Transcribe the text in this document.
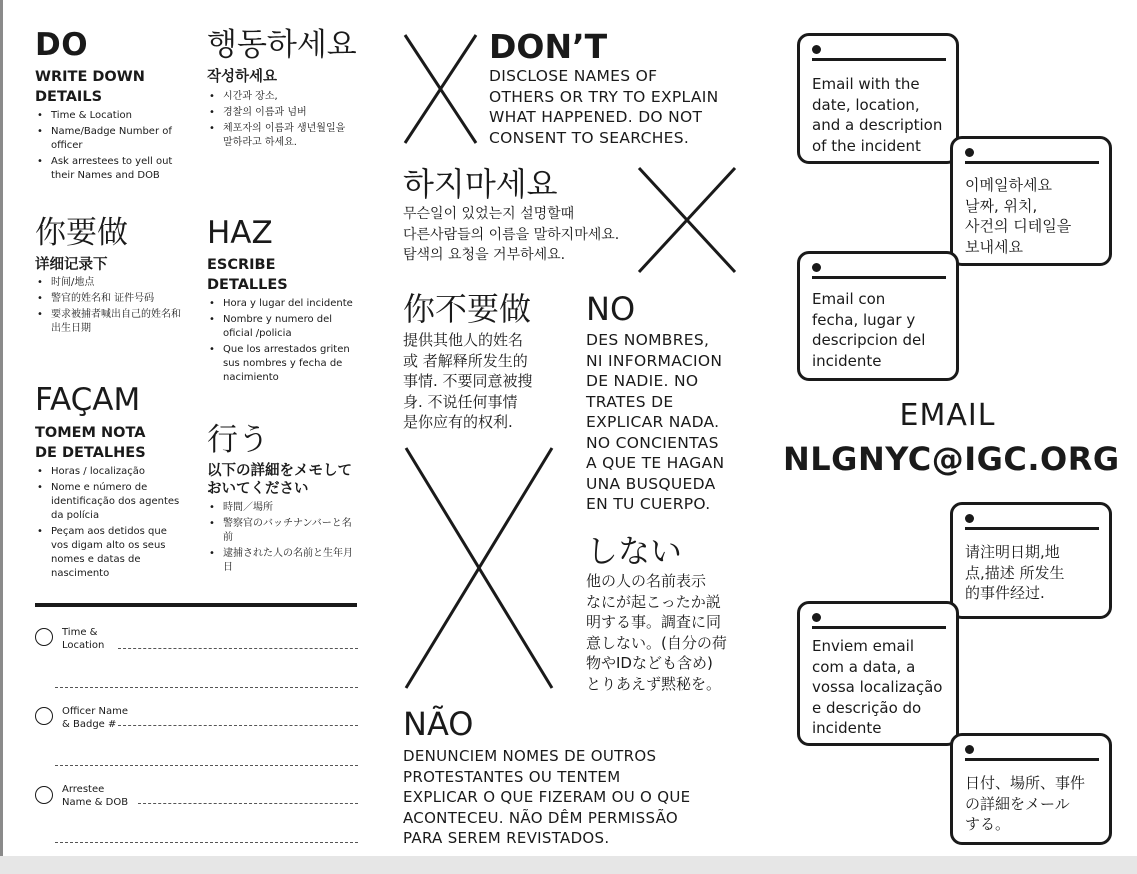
DO
WRITE DOWN
DETAILS
• Time & Location
• Name/Badge Number of officer
• Ask arrestees to yell out their Names and DOB
행동하세요
작성하세요
• 시간과 장소,
• 경찰의 이름과 넘버
• 체포자의 이름과 생년월일을 말하라고 하세요.
你要做
详细记录下
• 时间/地点
• 警官的姓名和 证件号码
• 要求被捕者喊出自己的姓名和出生日期
HAZ
ESCRIBE
DETALLES
• Hora y lugar del incidente
• Nombre y numero del oficial /policia
• Que los arrestados griten sus nombres y fecha de nacimiento
FAÇAM
TOMEM NOTA
DE DETALHES
• Horas / localização
• Nome e número de identificação dos agentes da polícia
• Peçam aos detidos que vos digam alto os seus nomes e datas de nascimento
行う
以下の詳細をメモしておいてください
• 時間／場所
• 警察官のバッチナンバーと名前
• 逮捕された人の名前と生年月日
Time &
Location
Officer Name
& Badge #
Arrestee
Name & DOB
DON’T
DISCLOSE NAMES OF
OTHERS OR TRY TO EXPLAIN
WHAT HAPPENED. DO NOT
CONSENT TO SEARCHES.
하지마세요
무슨일이 있었는지 설명할때
다른사람들의 이름을 말하지마세요.
탐색의 요청을 거부하세요.
你不要做
提供其他人的姓名
或 者解释所发生的
事情. 不要同意被搜
身. 不说任何事情
是你应有的权利.
NO
DES NOMBRES,
NI INFORMACION
DE NADIE. NO
TRATES DE
EXPLICAR NADA.
NO CONCIENTAS
A QUE TE HAGAN
UNA BUSQUEDA
EN TU CUERPO.
しない
他の人の名前表示
なにが起こったか説
明する事。調査に同
意しない。(自分の荷
物やIDなども含め)
とりあえず黙秘を。
NÃO
DENUNCIEM NOMES DE OUTROS
PROTESTANTES OU TENTEM
EXPLICAR O QUE FIZERAM OU O QUE
ACONTECEU. NÃO DÊM PERMISSÃO
PARA SEREM REVISTADOS.
Email with the
date, location,
and a description
of the incident
이메일하세요
날짜, 위치,
사건의 디테일을
보내세요
Email con
fecha, lugar y
descripcion del
incidente
EMAIL
NLGNYC@IGC.ORG
请注明日期,地
点,描述 所发生
的事件经过.
Enviem email
com a data, a
vossa localização
e descrição do
incidente
日付、場所、事件
の詳細をメール
する。
